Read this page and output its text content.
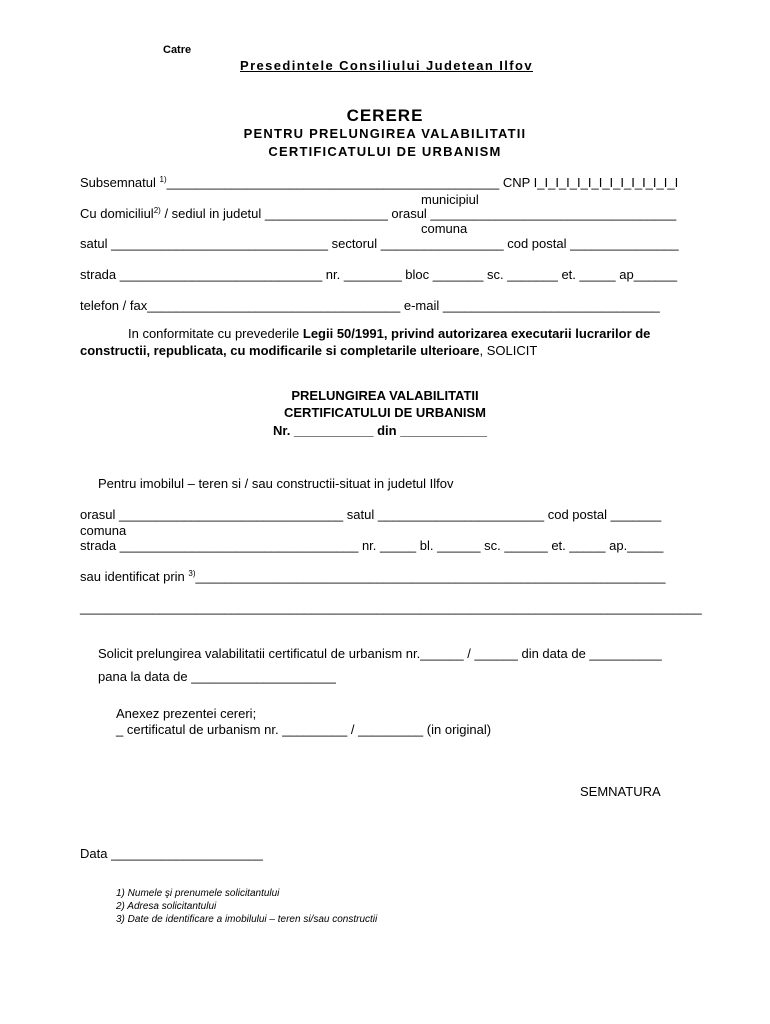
Catre
Presedintele Consiliului Judetean Ilfov
CERERE
PENTRU PRELUNGIREA VALABILITATII
CERTIFICATULUI DE URBANISM
Subsemnatul $^{1)}$______________________________________________ CNP I_I_I_I_I_I_I_I_I_I_I_I_I_I
municipiul
Cu domiciliul$^{2)}$ / sediul in judetul _________________ orasul __________________________________
comuna
satul ______________________________ sectorul _________________ cod postal _______________
strada ____________________________ nr. ________ bloc _______ sc. _______ et. _____ ap______
telefon / fax___________________________________ e-mail ______________________________
In conformitate cu prevederile Legii 50/1991, privind autorizarea executarii lucrarilor de
constructii, republicata, cu modificarile si completarile ulterioare, SOLICIT
PRELUNGIREA VALABILITATII
CERTIFICATULUI DE URBANISM
Nr. ___________ din ____________
Pentru imobilul – teren si / sau constructii-situat in judetul Ilfov
orasul _______________________________ satul _______________________ cod postal _______
comuna
strada _________________________________ nr. _____ bl. ______ sc. ______ et. _____ ap._____
sau identificat prin $^{3)}$_________________________________________________________________
______________________________________________________________________________________
Solicit prelungirea valabilitatii certificatul de urbanism nr.______ / ______ din data de __________
pana la data de ____________________
Anexez prezentei cereri;
_ certificatul de urbanism nr. _________ / _________ (in original)
SEMNATURA
Data _____________________
1) Numele şi prenumele solicitantului
2) Adresa solicitantului
3) Date de identificare a imobilului – teren si/sau constructii
